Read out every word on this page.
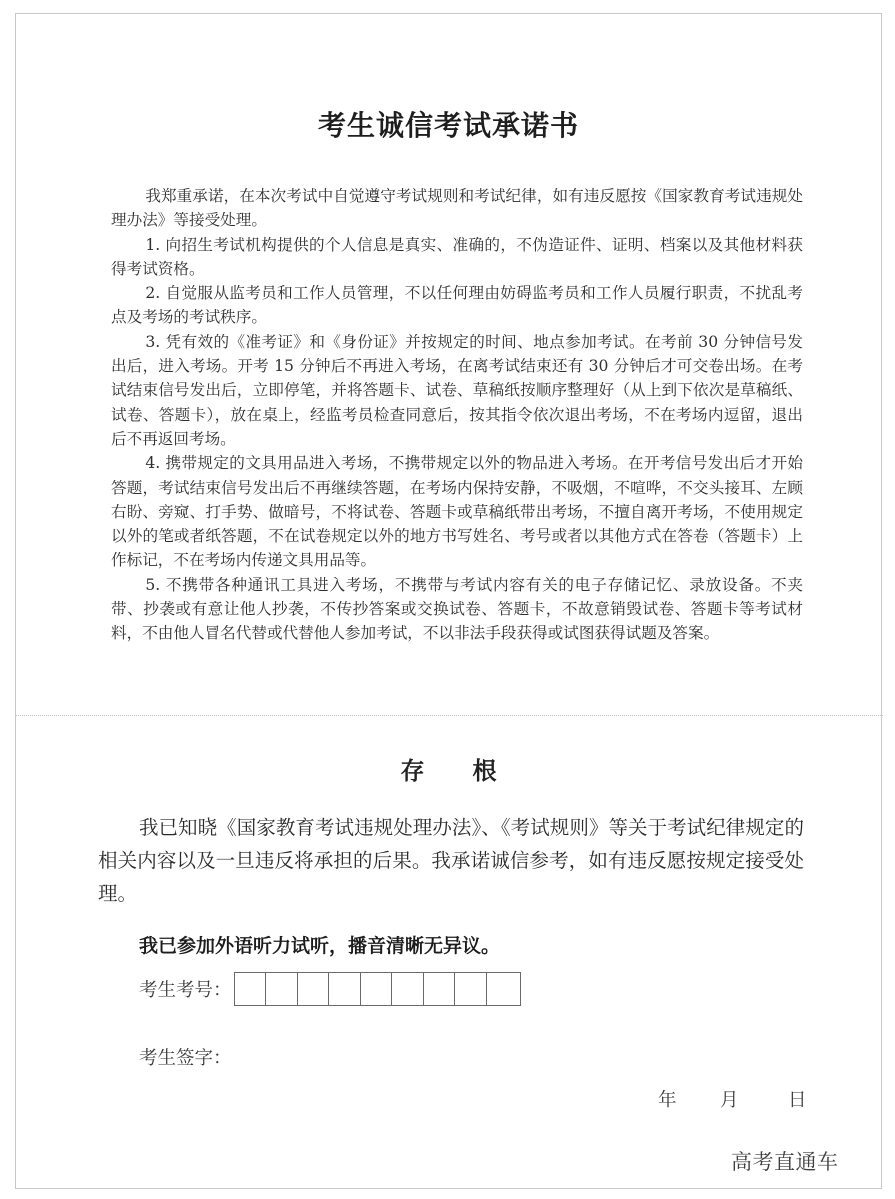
考生诚信考试承诺书

我郑重承诺，在本次考试中自觉遵守考试规则和考试纪律，如有违反愿按《国家教育考试违规处理办法》等接受处理。

1. 向招生考试机构提供的个人信息是真实、准确的，不伪造证件、证明、档案以及其他材料获得考试资格。

2. 自觉服从监考员和工作人员管理，不以任何理由妨碍监考员和工作人员履行职责，不扰乱考点及考场的考试秩序。

3. 凭有效的《准考证》和《身份证》并按规定的时间、地点参加考试。在考前 30 分钟信号发出后，进入考场。开考 15 分钟后不再进入考场，在离考试结束还有 30 分钟后才可交卷出场。在考试结束信号发出后，立即停笔，并将答题卡、试卷、草稿纸按顺序整理好（从上到下依次是草稿纸、试卷、答题卡），放在桌上，经监考员检查同意后，按其指令依次退出考场，不在考场内逗留，退出后不再返回考场。

4. 携带规定的文具用品进入考场，不携带规定以外的物品进入考场。在开考信号发出后才开始答题，考试结束信号发出后不再继续答题，在考场内保持安静，不吸烟，不喧哗，不交头接耳、左顾右盼、旁窥、打手势、做暗号，不将试卷、答题卡或草稿纸带出考场，不擅自离开考场，不使用规定以外的笔或者纸答题，不在试卷规定以外的地方书写姓名、考号或者以其他方式在答卷（答题卡）上作标记，不在考场内传递文具用品等。

5. 不携带各种通讯工具进入考场，不携带与考试内容有关的电子存储记忆、录放设备。不夹带、抄袭或有意让他人抄袭，不传抄答案或交换试卷、答题卡，不故意销毁试卷、答题卡等考试材料，不由他人冒名代替或代替他人参加考试，不以非法手段获得或试图获得试题及答案。

存 根

我已知晓《国家教育考试违规处理办法》、《考试规则》等关于考试纪律规定的相关内容以及一旦违反将承担的后果。我承诺诚信参考，如有违反愿按规定接受处理。

我已参加外语听力试听，播音清晰无异议。
考生考号：
考生签字：
年	月	日
高考直通车
